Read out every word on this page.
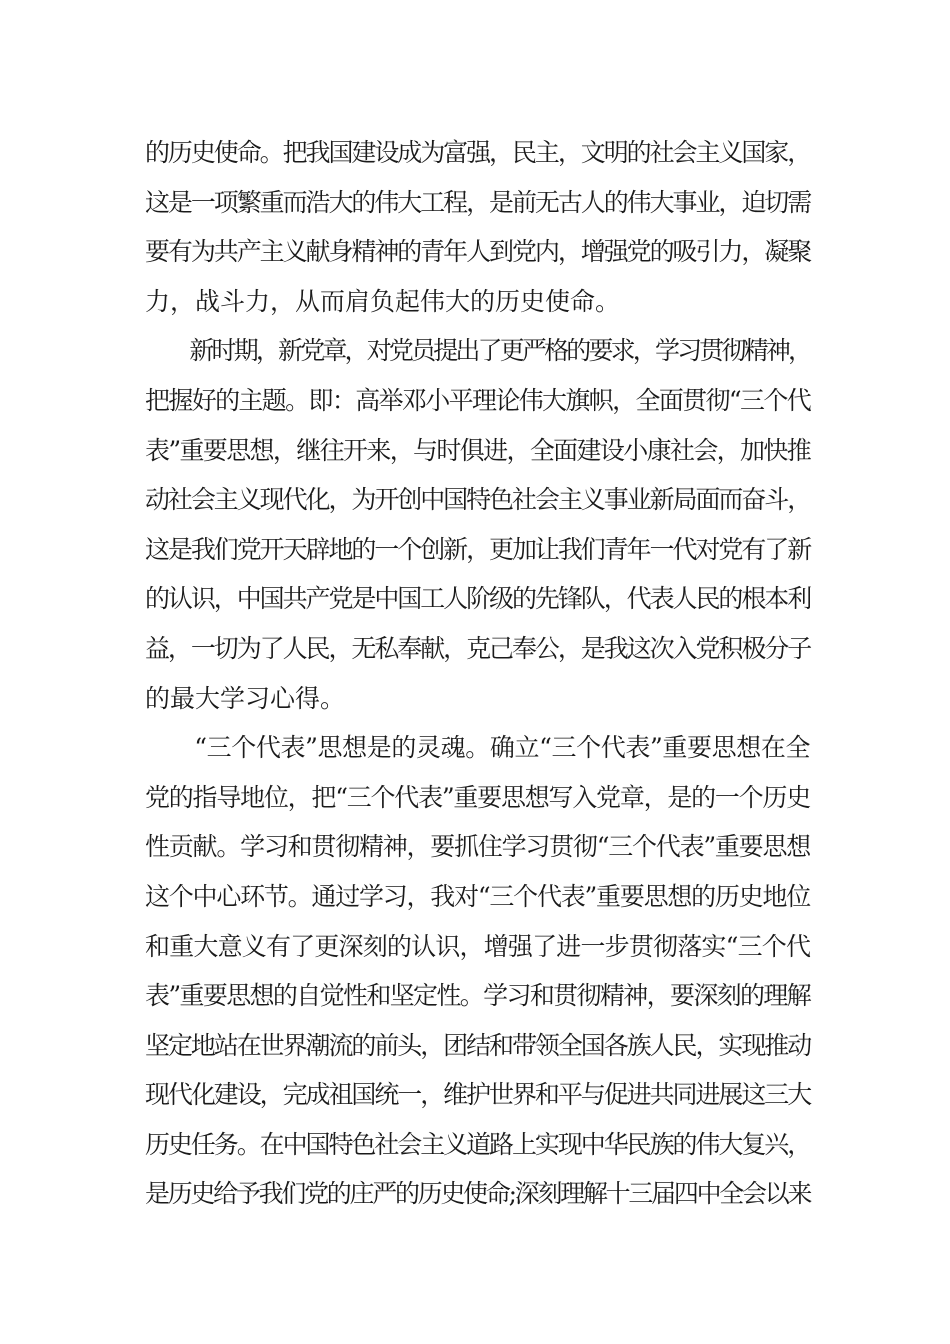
的历史使命。把我国建设成为富强，民主，文明的社会主义国家，
这是一项繁重而浩大的伟大工程，是前无古人的伟大事业，迫切需
要有为共产主义献身精神的青年人到党内，增强党的吸引力，凝聚
力，战斗力，从而肩负起伟大的历史使命。
　　新时期，新党章，对党员提出了更严格的要求，学习贯彻精神，
把握好的主题。即：高举邓小平理论伟大旗帜，全面贯彻“三个代
表”重要思想，继往开来，与时俱进，全面建设小康社会，加快推
动社会主义现代化，为开创中国特色社会主义事业新局面而奋斗，
这是我们党开天辟地的一个创新，更加让我们青年一代对党有了新
的认识，中国共产党是中国工人阶级的先锋队，代表人民的根本利
益，一切为了人民，无私奉献，克己奉公，是我这次入党积极分子
的最大学习心得。
　　“三个代表”思想是的灵魂。确立“三个代表”重要思想在全
党的指导地位，把“三个代表”重要思想写入党章，是的一个历史
性贡献。学习和贯彻精神，要抓住学习贯彻“三个代表”重要思想
这个中心环节。通过学习，我对“三个代表”重要思想的历史地位
和重大意义有了更深刻的认识，增强了进一步贯彻落实“三个代
表”重要思想的自觉性和坚定性。学习和贯彻精神，要深刻的理解
坚定地站在世界潮流的前头，团结和带领全国各族人民，实现推动
现代化建设，完成祖国统一，维护世界和平与促进共同进展这三大
历史任务。在中国特色社会主义道路上实现中华民族的伟大复兴，
是历史给予我们党的庄严的历史使命;深刻理解十三届四中全会以来
